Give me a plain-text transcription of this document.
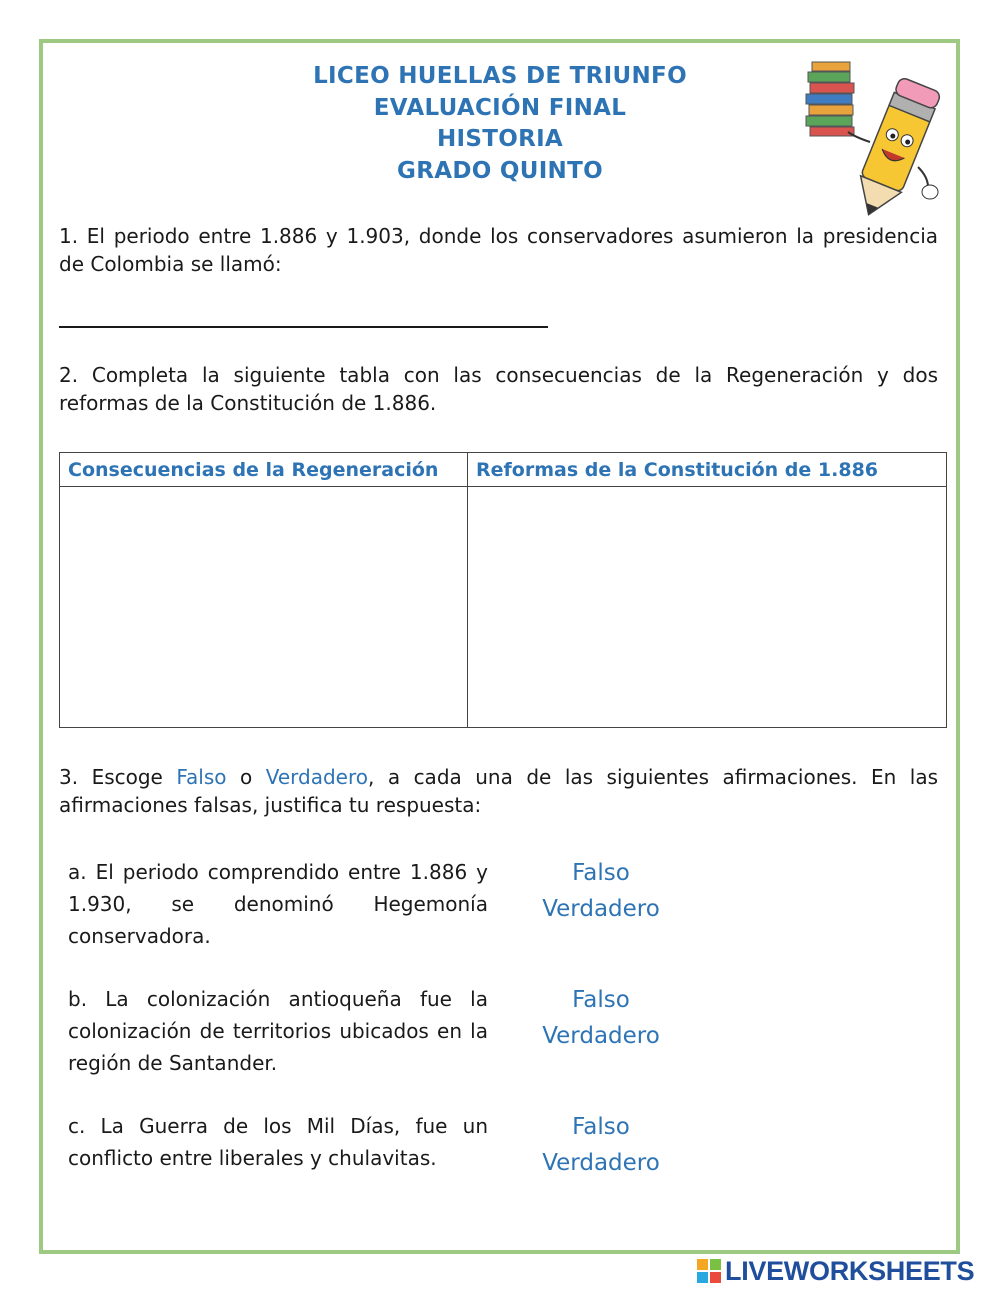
LICEO HUELLAS DE TRIUNFO
EVALUACIÓN FINAL
HISTORIA
GRADO QUINTO
1. El periodo entre 1.886 y 1.903, donde los conservadores asumieron la presidencia de Colombia se llamó:
2. Completa la siguiente tabla con las consecuencias de la Regeneración y dos reformas de la Constitución de 1.886.
Consecuencias de la Regeneración	Reformas de la Constitución de 1.886

3. Escoge Falso o Verdadero, a cada una de las siguientes afirmaciones. En las afirmaciones falsas, justifica tu respuesta:
a. El periodo comprendido entre 1.886 y 1.930, se denominó Hegemonía conservadora.
Falso
Verdadero
b. La colonización antioqueña fue la colonización de territorios ubicados en la región de Santander.
Falso
Verdadero
c. La Guerra de los Mil Días, fue un conflicto entre liberales y chulavitas.
Falso
Verdadero
LIVEWORKSHEETS
